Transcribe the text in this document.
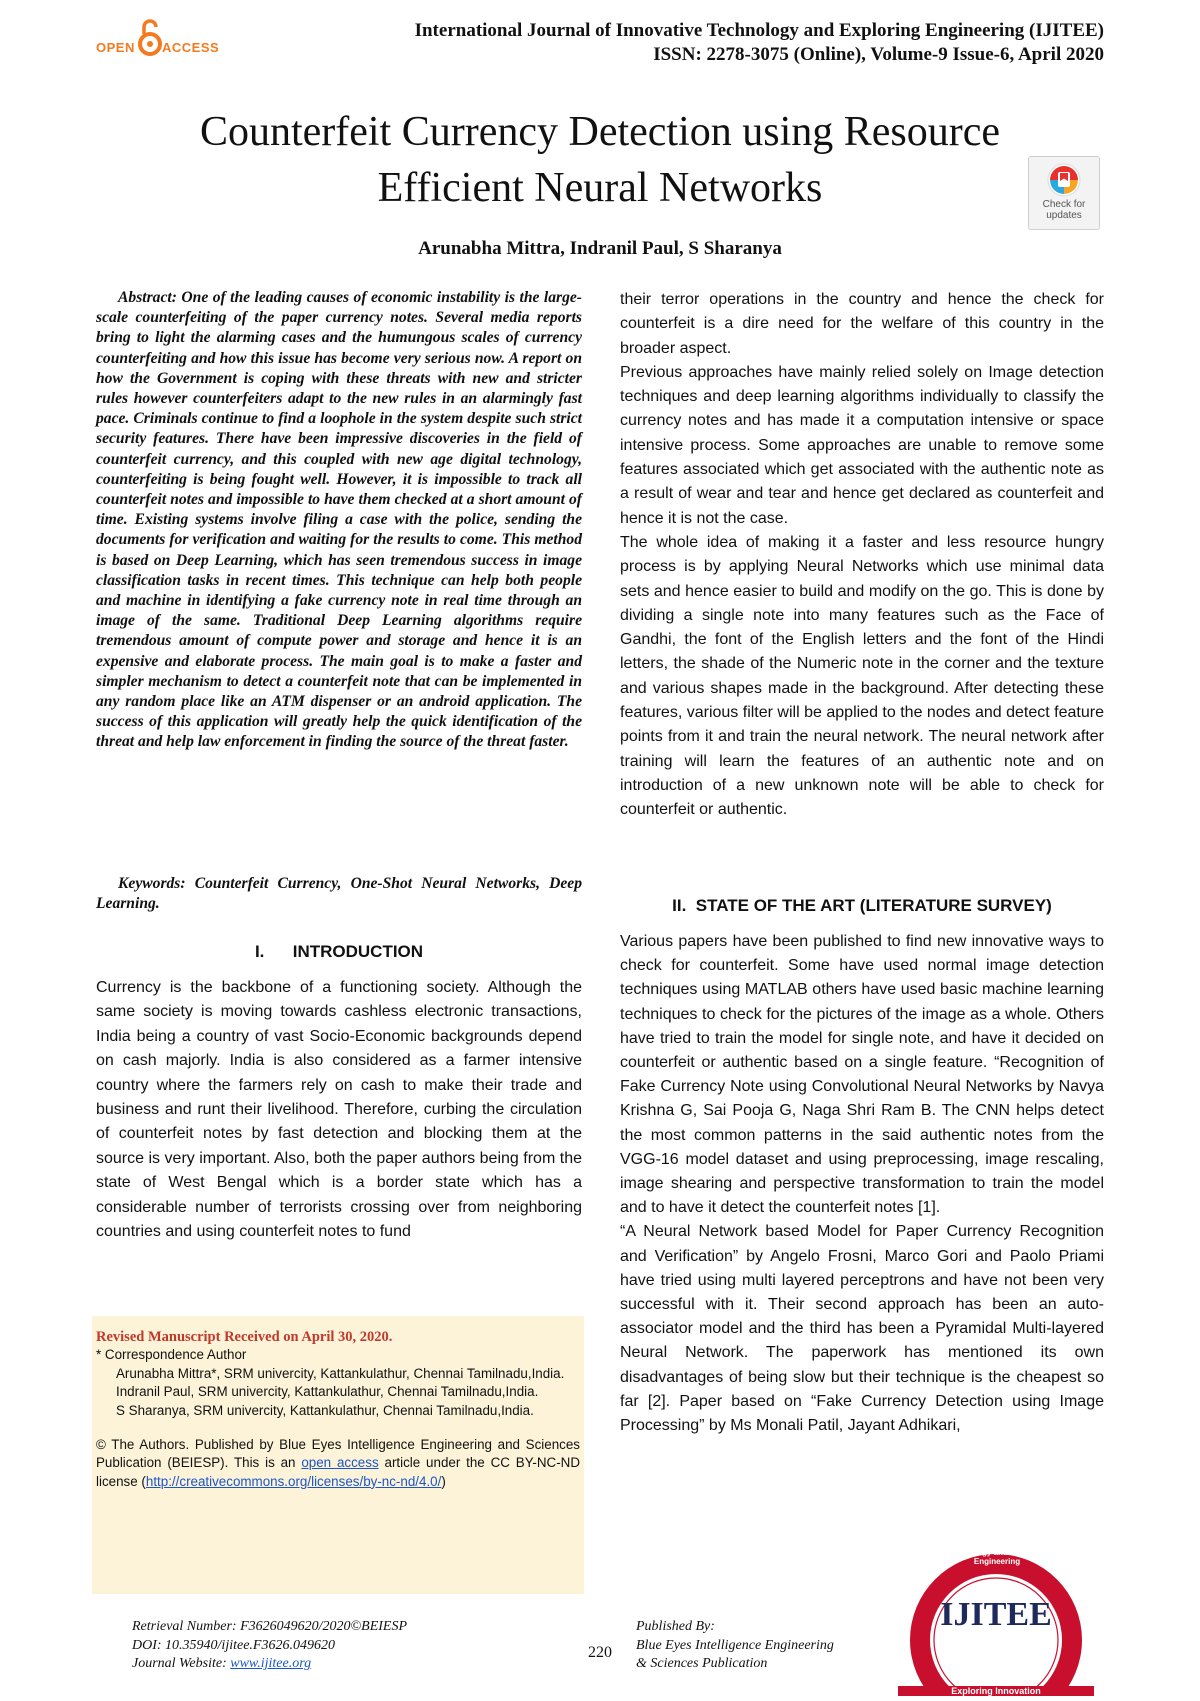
OPEN ACCESS
International Journal of Innovative Technology and Exploring Engineering (IJITEE)
ISSN: 2278-3075 (Online), Volume-9 Issue-6, April 2020
Counterfeit Currency Detection using Resource
Efficient Neural Networks	Check for
updates
Arunabha Mittra, Indranil Paul, S Sharanya
Abstract: One of the leading causes of economic instability is the large-scale counterfeiting of the paper currency notes. Several media reports bring to light the alarming cases and the humungous scales of currency counterfeiting and how this issue has become very serious now. A report on how the Government is coping with these threats with new and stricter rules however counterfeiters adapt to the new rules in an alarmingly fast pace. Criminals continue to find a loophole in the system despite such strict security features. There have been impressive discoveries in the field of counterfeit currency, and this coupled with new age digital technology, counterfeiting is being fought well. However, it is impossible to track all counterfeit notes and impossible to have them checked at a short amount of time. Existing systems involve filing a case with the police, sending the documents for verification and waiting for the results to come. This method is based on Deep Learning, which has seen tremendous success in image classification tasks in recent times. This technique can help both people and machine in identifying a fake currency note in real time through an image of the same. Traditional Deep Learning algorithms require tremendous amount of compute power and storage and hence it is an expensive and elaborate process. The main goal is to make a faster and simpler mechanism to detect a counterfeit note that can be implemented in any random place like an ATM dispenser or an android application. The success of this application will greatly help the quick identification of the threat and help law enforcement in finding the source of the threat faster.
Keywords: Counterfeit Currency, One-Shot Neural Networks, Deep Learning.
I.      INTRODUCTION
Currency is the backbone of a functioning society. Although the same society is moving towards cashless electronic transactions, India being a country of vast Socio-Economic backgrounds depend on cash majorly. India is also considered as a farmer intensive country where the farmers rely on cash to make their trade and business and runt their livelihood. Therefore, curbing the circulation of counterfeit notes by fast detection and blocking them at the source is very important. Also, both the paper authors being from the state of West Bengal which is a border state which has a considerable number of terrorists crossing over from neighboring countries and using counterfeit notes to fund

their terror operations in the country and hence the check for counterfeit is a dire need for the welfare of this country in the broader aspect.

Previous approaches have mainly relied solely on Image detection techniques and deep learning algorithms individually to classify the currency notes and has made it a computation intensive or space intensive process. Some approaches are unable to remove some features associated which get associated with the authentic note as a result of wear and tear and hence get declared as counterfeit and hence it is not the case.

The whole idea of making it a faster and less resource hungry process is by applying Neural Networks which use minimal data sets and hence easier to build and modify on the go. This is done by dividing a single note into many features such as the Face of Gandhi, the font of the English letters and the font of the Hindi letters, the shade of the Numeric note in the corner and the texture and various shapes made in the background. After detecting these features, various filter will be applied to the nodes and detect feature points from it and train the neural network. The neural network after training will learn the features of an authentic note and on introduction of a new unknown note will be able to check for counterfeit or authentic.

II.  STATE OF THE ART (LITERATURE SURVEY)

Various papers have been published to find new innovative ways to check for counterfeit. Some have used normal image detection techniques using MATLAB others have used basic machine learning techniques to check for the pictures of the image as a whole. Others have tried to train the model for single note, and have it decided on counterfeit or authentic based on a single feature. “Recognition of Fake Currency Note using Convolutional Neural Networks by Navya Krishna G, Sai Pooja G, Naga Shri Ram B. The CNN helps detect the most common patterns in the said authentic notes from the VGG-16 model dataset and using preprocessing, image rescaling, image shearing and perspective transformation to train the model and to have it detect the counterfeit notes [1].

“A Neural Network based Model for Paper Currency Recognition and Verification” by Angelo Frosni, Marco Gori and Paolo Priami have tried using multi layered perceptrons and have not been very successful with it. Their second approach has been an auto-associator model and the third has been a Pyramidal Multi-layered Neural Network. The paperwork has mentioned its own disadvantages of being slow but their technique is the cheapest so far [2]. Paper based on “Fake Currency Detection using Image Processing” by Ms Monali Patil, Jayant Adhikari,

Revised Manuscript Received on April 30, 2020.

* Correspondence Author

Arunabha Mittra*, SRM univercity, Kattankulathur, Chennai Tamilnadu,India.

Indranil Paul, SRM univercity, Kattankulathur, Chennai Tamilnadu,India.

S Sharanya, SRM univercity, Kattankulathur, Chennai Tamilnadu,India.

© The Authors. Published by Blue Eyes Intelligence Engineering and Sciences Publication (BEIESP). This is an open access article under the CC BY-NC-ND license (http://creativecommons.org/licenses/by-nc-nd/4.0/)

Technology and Exploring Engineering
IJITEE
Exploring Innovation
Retrieval Number: F3626049620/2020©BEIESP
DOI: 10.35940/ijitee.F3626.049620
Journal Website: www.ijitee.org
220
Published By:
Blue Eyes Intelligence Engineering
& Sciences Publication
